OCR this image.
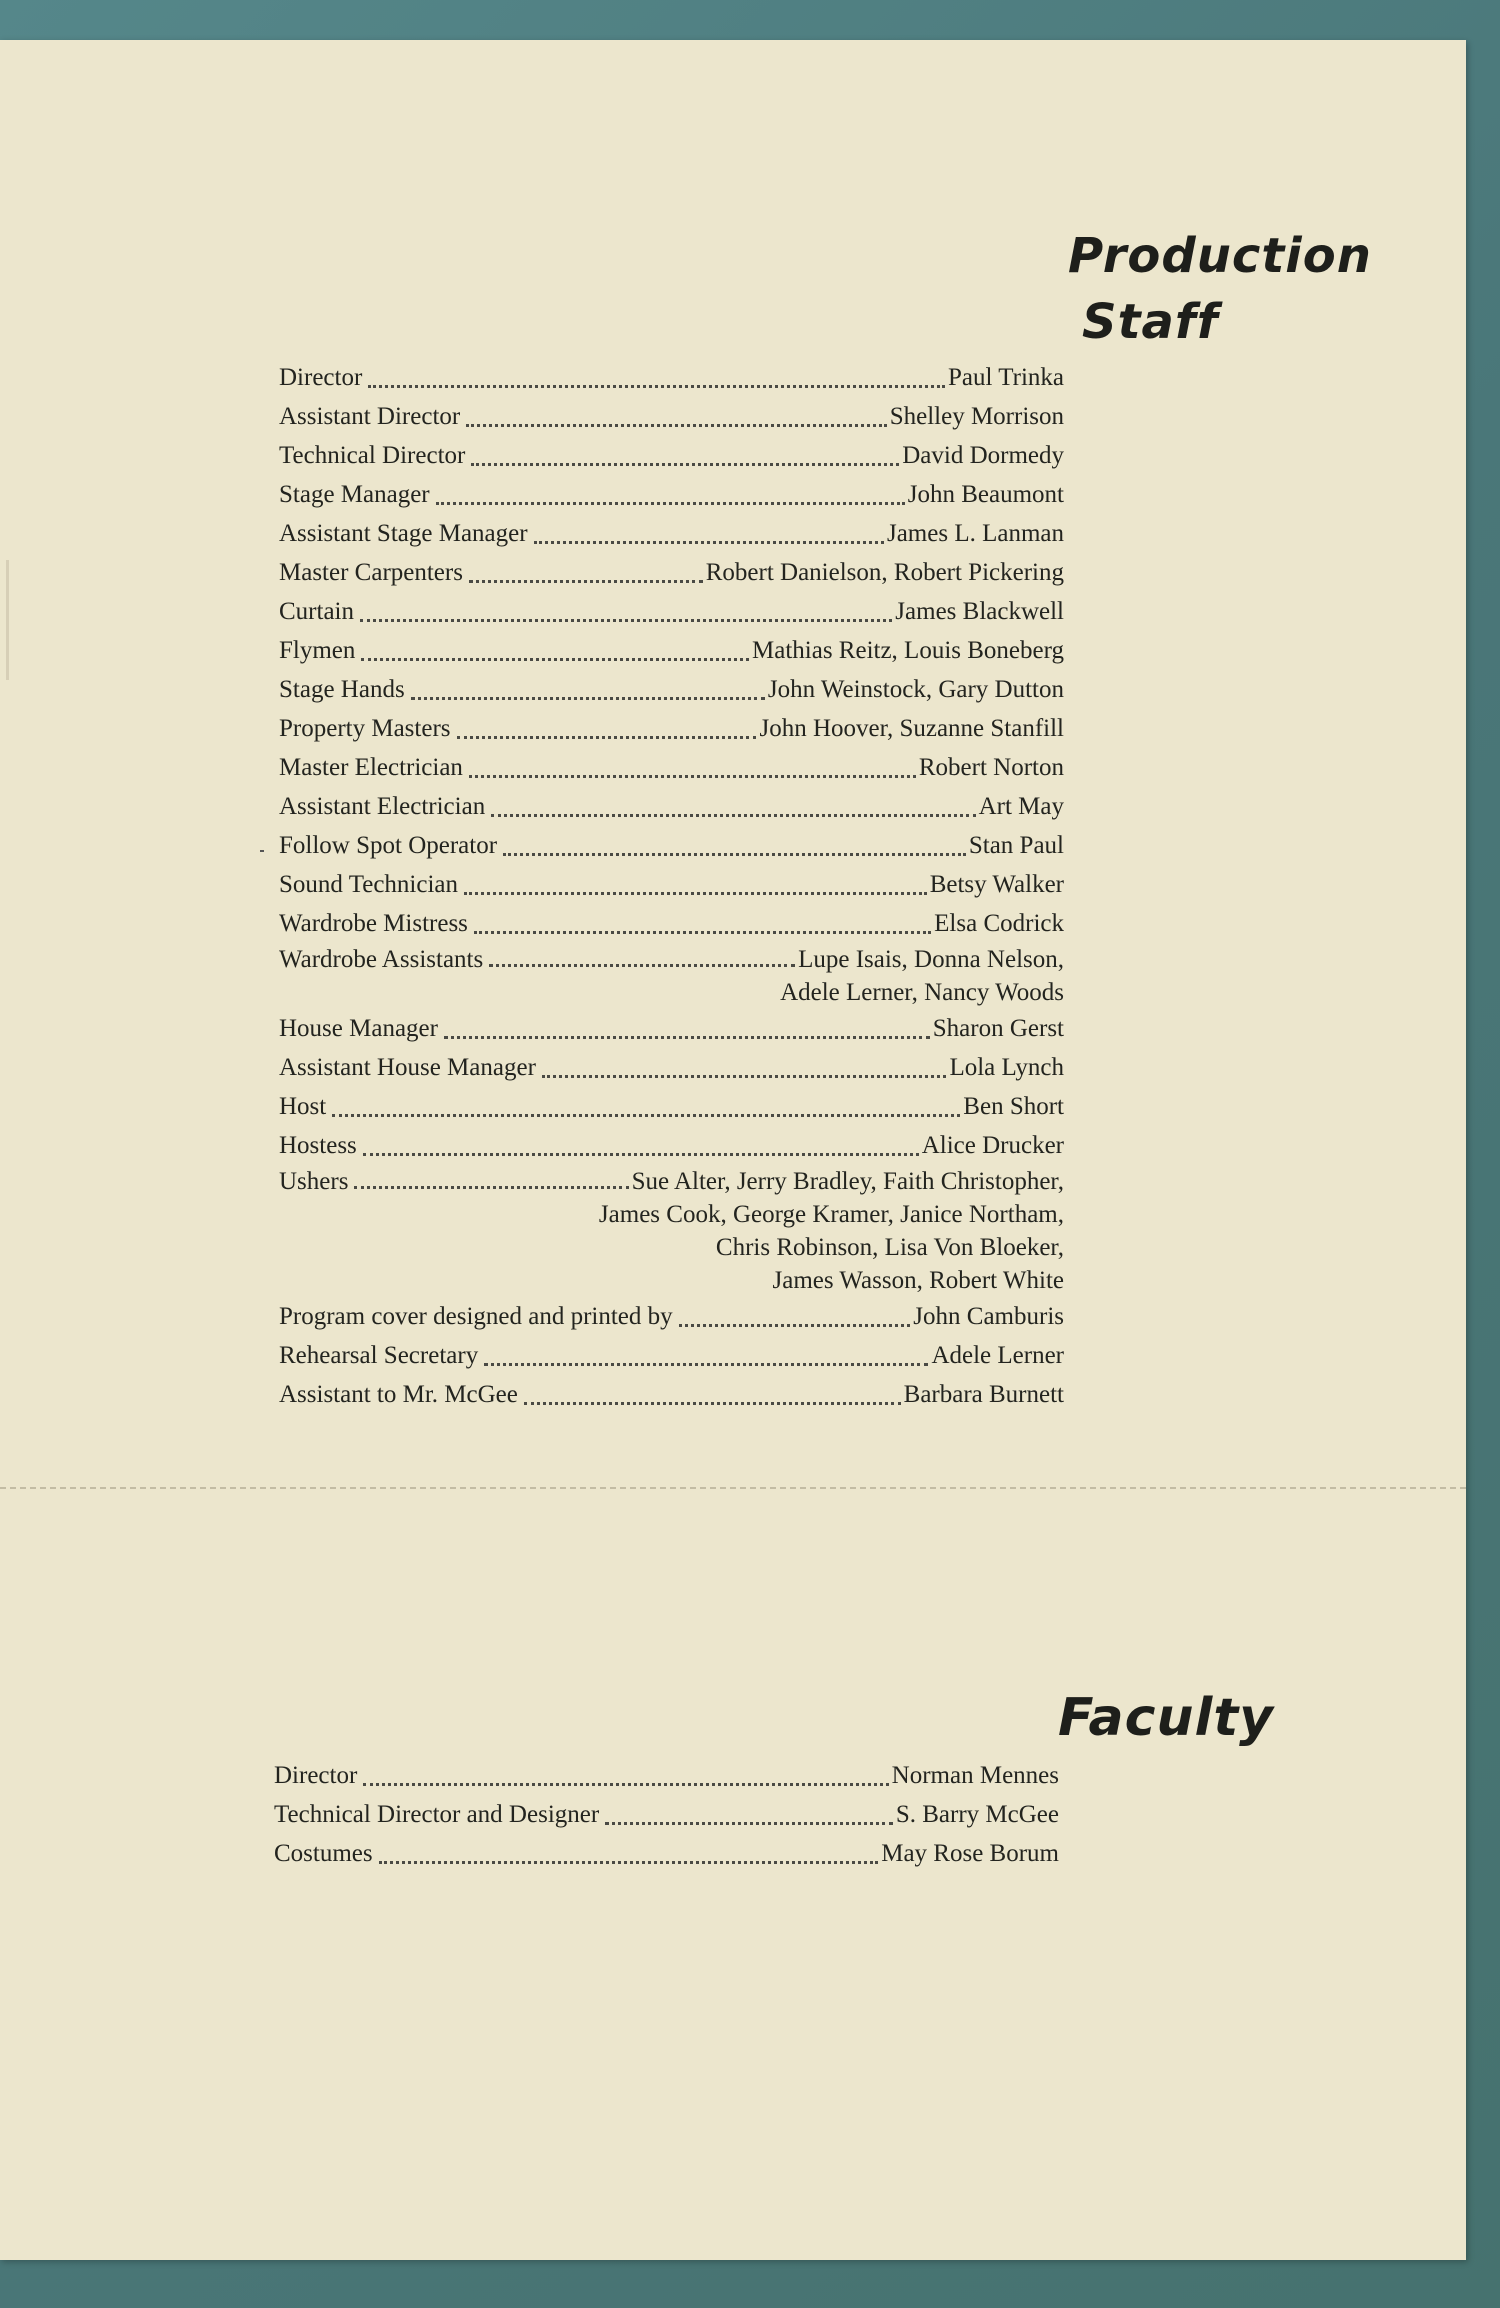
Production
Staff
Director	Paul Trinka
Assistant Director	Shelley Morrison
Technical Director	David Dormedy
Stage Manager	John Beaumont
Assistant Stage Manager	James L. Lanman
Master Carpenters	Robert Danielson, Robert Pickering
Curtain	James Blackwell
Flymen	Mathias Reitz, Louis Boneberg
Stage Hands	John Weinstock, Gary Dutton
Property Masters	John Hoover, Suzanne Stanfill
Master Electrician	Robert Norton
Assistant Electrician	Art May
Follow Spot Operator	Stan Paul
Sound Technician	Betsy Walker
Wardrobe Mistress	Elsa Codrick
Wardrobe Assistants	Lupe Isais, Donna Nelson,
Adele Lerner, Nancy Woods
House Manager	Sharon Gerst
Assistant House Manager	Lola Lynch
Host	Ben Short
Hostess	Alice Drucker
Ushers	Sue Alter, Jerry Bradley, Faith Christopher,
James Cook, George Kramer, Janice Northam,
Chris Robinson, Lisa Von Bloeker,
James Wasson, Robert White
Program cover designed and printed by	John Camburis
Rehearsal Secretary	Adele Lerner
Assistant to Mr. McGee	Barbara Burnett
Faculty
Director	Norman Mennes
Technical Director and Designer	S. Barry McGee
Costumes	May Rose Borum
